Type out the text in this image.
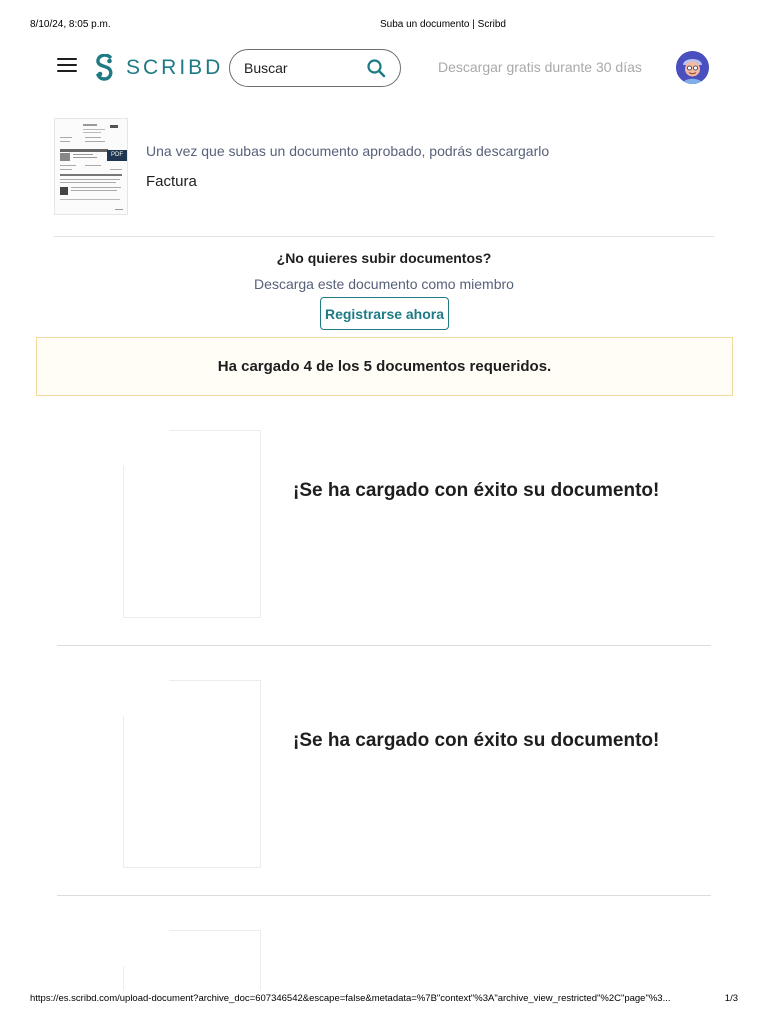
8/10/24, 8:05 p.m.	Suba un documento | Scribd
SCRIBD
Buscar	Descargar gratis durante 30 días
PDF Una vez que subas un documento aprobado, podrás descargarlo
Factura
¿No quieres subir documentos?
Descarga este documento como miembro
Registrarse ahora
Ha cargado 4 de los 5 documentos requeridos.
¡Se ha cargado con éxito su documento!
¡Se ha cargado con éxito su documento!
https://es.scribd.com/upload-document?archive_doc=607346542&escape=false&metadata=%7B"context"%3A"archive_view_restricted"%2C"page"%3...	1/3
